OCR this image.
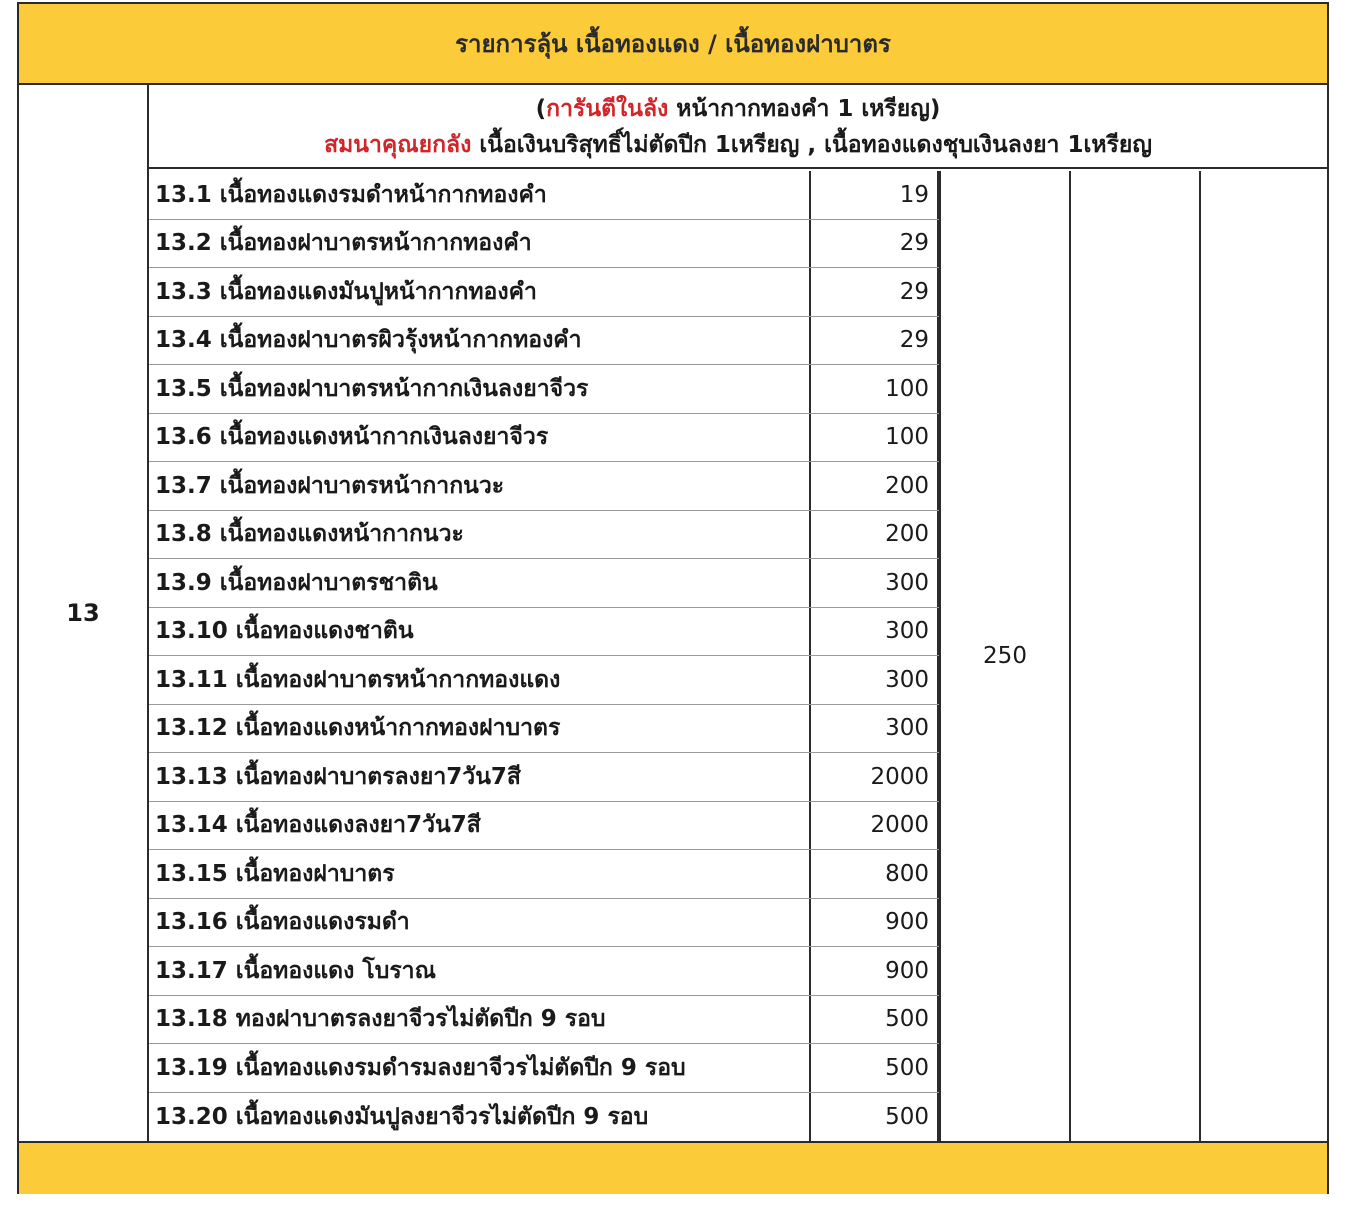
รายการลุ้น เนื้อทองแดง / เนื้อทองฝาบาตร
13
(การันตีในลัง หน้ากากทองคำ 1 เหรียญ)
สมนาคุณยกลัง เนื้อเงินบริสุทธิ์ไม่ตัดปีก 1เหรียญ , เนื้อทองแดงชุบเงินลงยา 1เหรียญ
250
13.1 เนื้อทองแดงรมดำหน้ากากทองคำ	19
13.2 เนื้อทองฝาบาตรหน้ากากทองคำ	29
13.3 เนื้อทองแดงมันปูหน้ากากทองคำ	29
13.4 เนื้อทองฝาบาตรผิวรุ้งหน้ากากทองคำ	29
13.5 เนื้อทองฝาบาตรหน้ากากเงินลงยาจีวร	100
13.6 เนื้อทองแดงหน้ากากเงินลงยาจีวร	100
13.7 เนื้อทองฝาบาตรหน้ากากนวะ	200
13.8 เนื้อทองแดงหน้ากากนวะ	200
13.9 เนื้อทองฝาบาตรชาติน	300
13.10 เนื้อทองแดงชาติน	300
13.11 เนื้อทองฝาบาตรหน้ากากทองแดง	300
13.12 เนื้อทองแดงหน้ากากทองฝาบาตร	300
13.13 เนื้อทองฝาบาตรลงยา7วัน7สี	2000
13.14 เนื้อทองแดงลงยา7วัน7สี	2000
13.15 เนื้อทองฝาบาตร	800
13.16 เนื้อทองแดงรมดำ	900
13.17 เนื้อทองแดง โบราณ	900
13.18 ทองฝาบาตรลงยาจีวรไม่ตัดปีก 9 รอบ	500
13.19 เนื้อทองแดงรมดำรมลงยาจีวรไม่ตัดปีก 9 รอบ	500
13.20 เนื้อทองแดงมันปูลงยาจีวรไม่ตัดปีก 9 รอบ	500
